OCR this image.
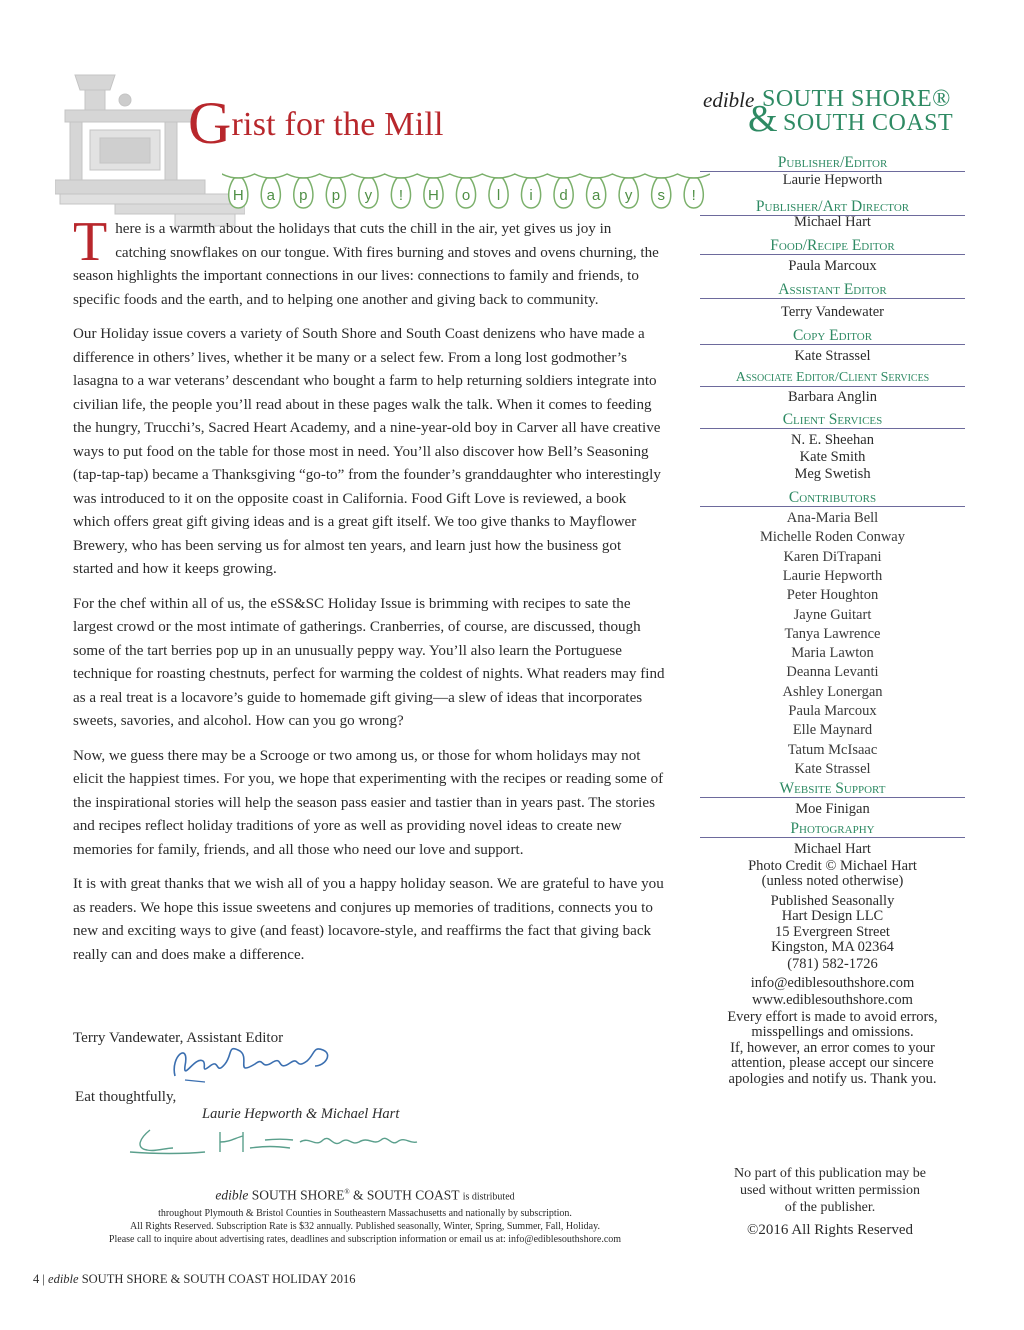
Grist for the Mill
H a p p y ! H o l i d a y s !

There is a warmth about the holidays that cuts the chill in the air, yet gives us joy in catching snowflakes on our tongue. With fires burning and stoves and ovens churning, the season highlights the important connections in our lives: connections to family and friends, to specific foods and the earth, and to helping one another and giving back to community.

Our Holiday issue covers a variety of South Shore and South Coast denizens who have made a difference in others’ lives, whether it be many or a select few. From a long lost godmother’s lasagna to a war veterans’ descendant who bought a farm to help returning soldiers integrate into civilian life, the people you’ll read about in these pages walk the talk. When it comes to feeding the hungry, Trucchi’s, Sacred Heart Academy, and a nine-year-old boy in Carver all have creative ways to put food on the table for those most in need. You’ll also discover how Bell’s Seasoning (tap-tap-tap) became a Thanksgiving “go-to” from the founder’s granddaughter who interestingly was introduced to it on the opposite coast in California. Food Gift Love is reviewed, a book which offers great gift giving ideas and is a great gift itself. We too give thanks to Mayflower Brewery, who has been serving us for almost ten years, and learn just how the business got started and how it keeps growing.

For the chef within all of us, the eSS&SC Holiday Issue is brimming with recipes to sate the largest crowd or the most intimate of gatherings. Cranberries, of course, are discussed, though some of the tart berries pop up in an unusually peppy way. You’ll also learn the Portuguese technique for roasting chestnuts, perfect for warming the coldest of nights. What readers may find as a real treat is a locavore’s guide to homemade gift giving—a slew of ideas that incorporates sweets, savories, and alcohol. How can you go wrong?

Now, we guess there may be a Scrooge or two among us, or those for whom holidays may not elicit the happiest times. For you, we hope that experimenting with the recipes or reading some of the inspirational stories will help the season pass easier and tastier than in years past. The stories and recipes reflect holiday traditions of yore as well as providing novel ideas to create new memories for family, friends, and all those who need our love and support.

It is with great thanks that we wish all of you a happy holiday season. We are grateful to have you as readers. We hope this issue sweetens and conjures up memories of traditions, connects you to new and exciting ways to give (and feast) locavore-style, and reaffirms the fact that giving back really can and does make a difference.

Terry Vandewater, Assistant Editor
Eat thoughtfully,
Laurie Hepworth & Michael Hart
edible SOUTH SHORE® & SOUTH COAST is distributed
throughout Plymouth & Bristol Counties in Southeastern Massachusetts and nationally by subscription.
All Rights Reserved. Subscription Rate is $32 annually. Published seasonally, Winter, Spring, Summer, Fall, Holiday.
Please call to inquire about advertising rates, deadlines and subscription information or email us at: info@ediblesouthshore.com
4 | edible SOUTH SHORE & SOUTH COAST HOLIDAY 2016
edible SOUTH SHORE®
& SOUTH COAST
Publisher/Editor
Laurie Hepworth
Publisher/Art Director
Michael Hart
Food/Recipe Editor
Paula Marcoux
Assistant Editor
Terry Vandewater
Copy Editor
Kate Strassel
Associate Editor/Client Services
Barbara Anglin
Client Services
N. E. Sheehan
Kate Smith
Meg Swetish
Contributors
Ana-Maria Bell
Michelle Roden Conway
Karen DiTrapani
Laurie Hepworth
Peter Houghton
Jayne Guitart
Tanya Lawrence
Maria Lawton
Deanna Levanti
Ashley Lonergan
Paula Marcoux
Elle Maynard
Tatum McIsaac
Kate Strassel
Website Support
Moe Finigan
Photography
Michael Hart
Photo Credit © Michael Hart
(unless noted otherwise)
Published Seasonally
Hart Design LLC
15 Evergreen Street
Kingston, MA 02364
(781) 582-1726
info@ediblesouthshore.com
www.ediblesouthshore.com
Every effort is made to avoid errors,
misspellings and omissions.
If, however, an error comes to your
attention, please accept our sincere
apologies and notify us. Thank you.
No part of this publication may be
used without written permission
of the publisher.
©2016 All Rights Reserved
